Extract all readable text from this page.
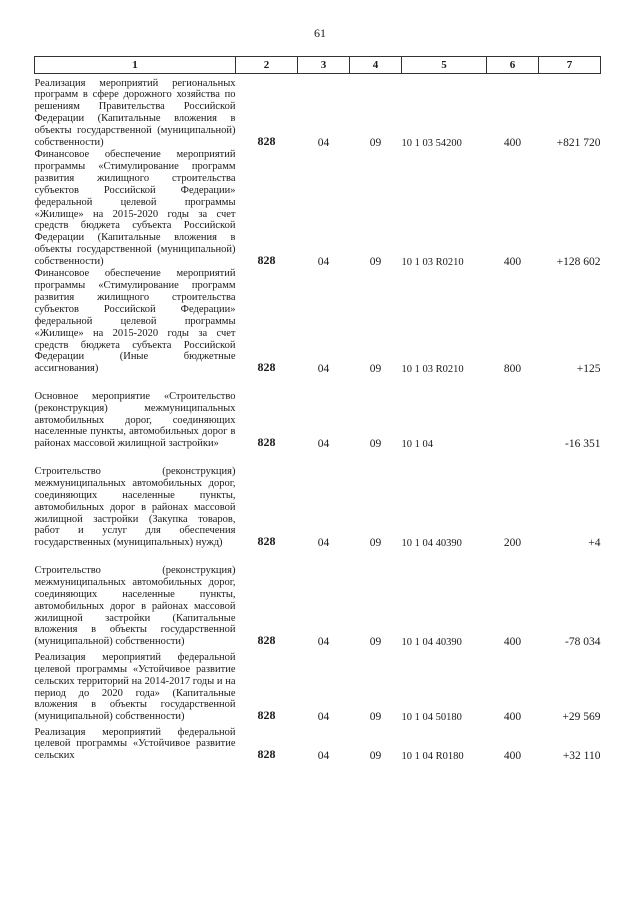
61
1	2	3	4	5	6	7
Реализация мероприятий региональных программ в сфере дорожного хозяйства по решениям Правительства Российской Федерации (Капитальные вложения в объекты государственной (муниципальной) собственности)						
	828	04	09	10 1 03 54200	400	+821 720
Финансовое обеспечение мероприятий программы «Стимулирование программ развития жилищного строительства субъектов Российской Федерации» федеральной целевой программы «Жилище» на 2015-2020 годы за счет средств бюджета субъекта Российской Федерации (Капитальные вложения в объекты государственной (муниципальной) собственности)						
	828	04	09	10 1 03 R0210	400	+128 602
Финансовое обеспечение мероприятий программы «Стимулирование программ развития жилищного строительства субъектов Российской Федерации» федеральной целевой программы «Жилище» на 2015-2020 годы за счет средств бюджета субъекта Российской Федерации (Иные бюджетные ассигнования)						
	828	04	09	10 1 03 R0210	800	+125
Основное мероприятие «Строительство (реконструкция) межмуниципальных автомобильных дорог, соединяющих населенные пункты, автомобильных дорог в районах массовой жилищной застройки»						
	828	04	09	10 1 04		-16 351
Строительство (реконструкция) межмуниципальных автомобильных дорог, соединяющих населенные пункты, автомобильных дорог в районах массовой жилищной застройки (Закупка товаров, работ и услуг для обеспечения государственных (муниципальных) нужд)						
	828	04	09	10 1 04 40390	200	+4
Строительство (реконструкция) межмуниципальных автомобильных дорог, соединяющих населенные пункты, автомобильных дорог в районах массовой жилищной застройки (Капитальные вложения в объекты государственной (муниципальной) собственности)						
	828	04	09	10 1 04 40390	400	-78 034
Реализация мероприятий федеральной целевой программы «Устойчивое развитие сельских территорий на 2014-2017 годы и на период до 2020 года» (Капитальные вложения в объекты государственной (муниципальной) собственности)						
	828	04	09	10 1 04 50180	400	+29 569
Реализация мероприятий федеральной целевой программы «Устойчивое развитие сельских						
	828	04	09	10 1 04 R0180	400	+32 110
